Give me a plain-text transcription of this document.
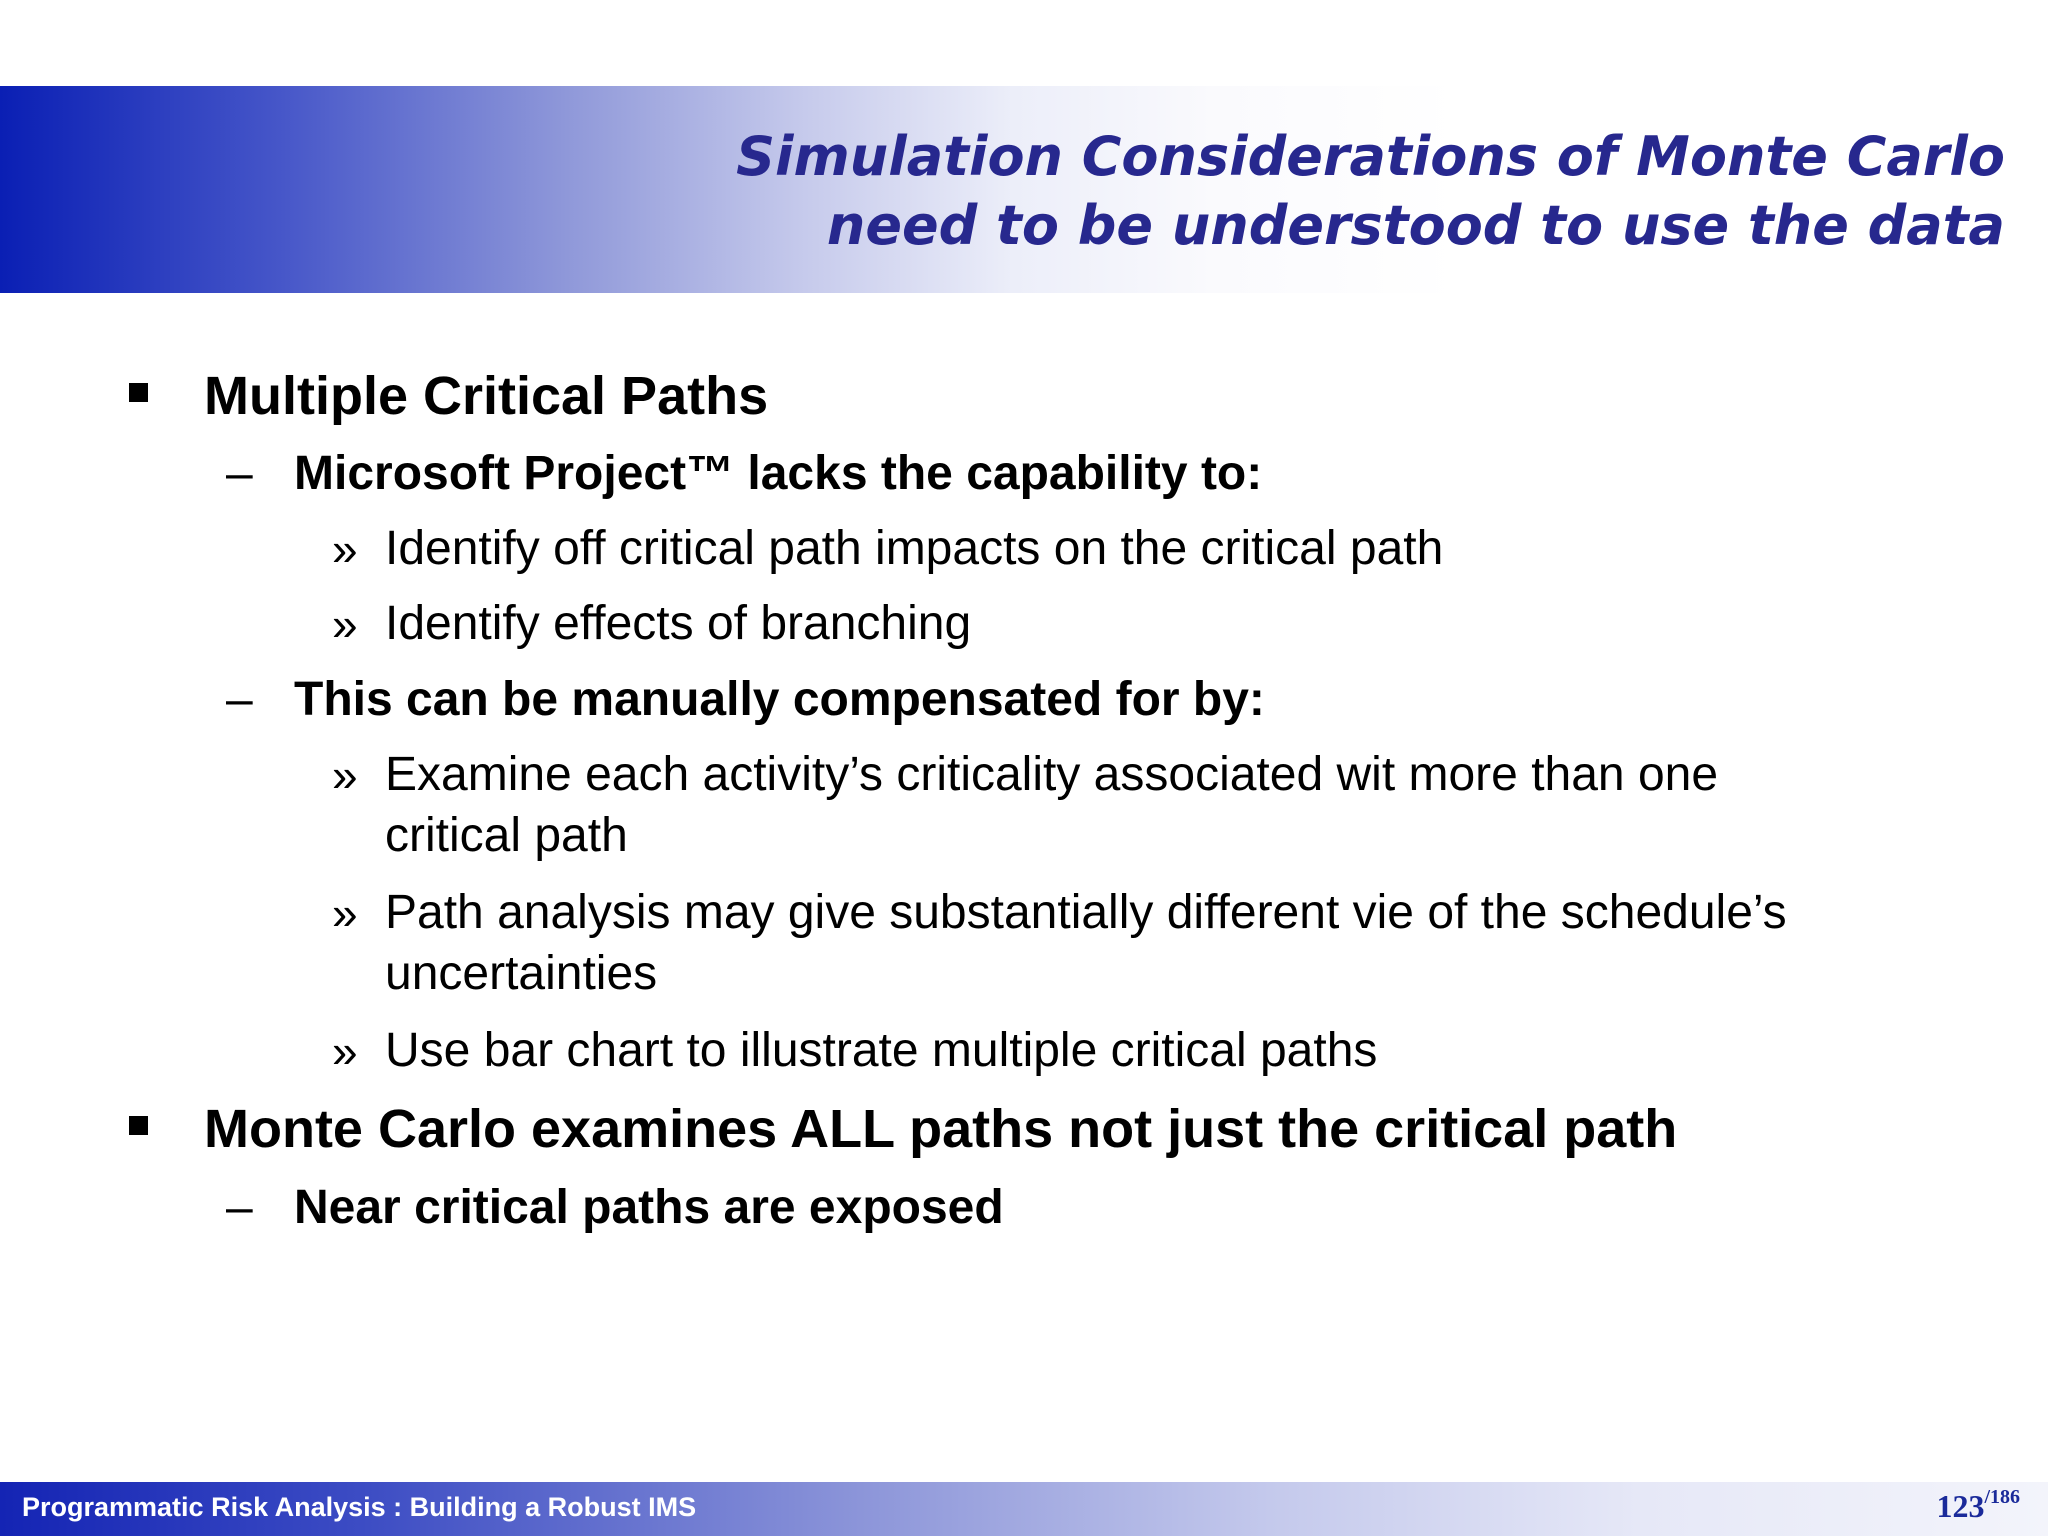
Simulation Considerations of Monte Carlo
need to be understood to use the data
Multiple Critical Paths
– Microsoft Project™ lacks the capability to:
» Identify off critical path impacts on the critical path
» Identify effects of branching
– This can be manually compensated for by:
» Examine each activity’s criticality associated wit more than one
critical path
» Path analysis may give substantially different vie of the schedule’s
uncertainties
» Use bar chart to illustrate multiple critical paths
Monte Carlo examines ALL paths not just the critical path
– Near critical paths are exposed
Programmatic Risk Analysis : Building a Robust IMS	123/186
